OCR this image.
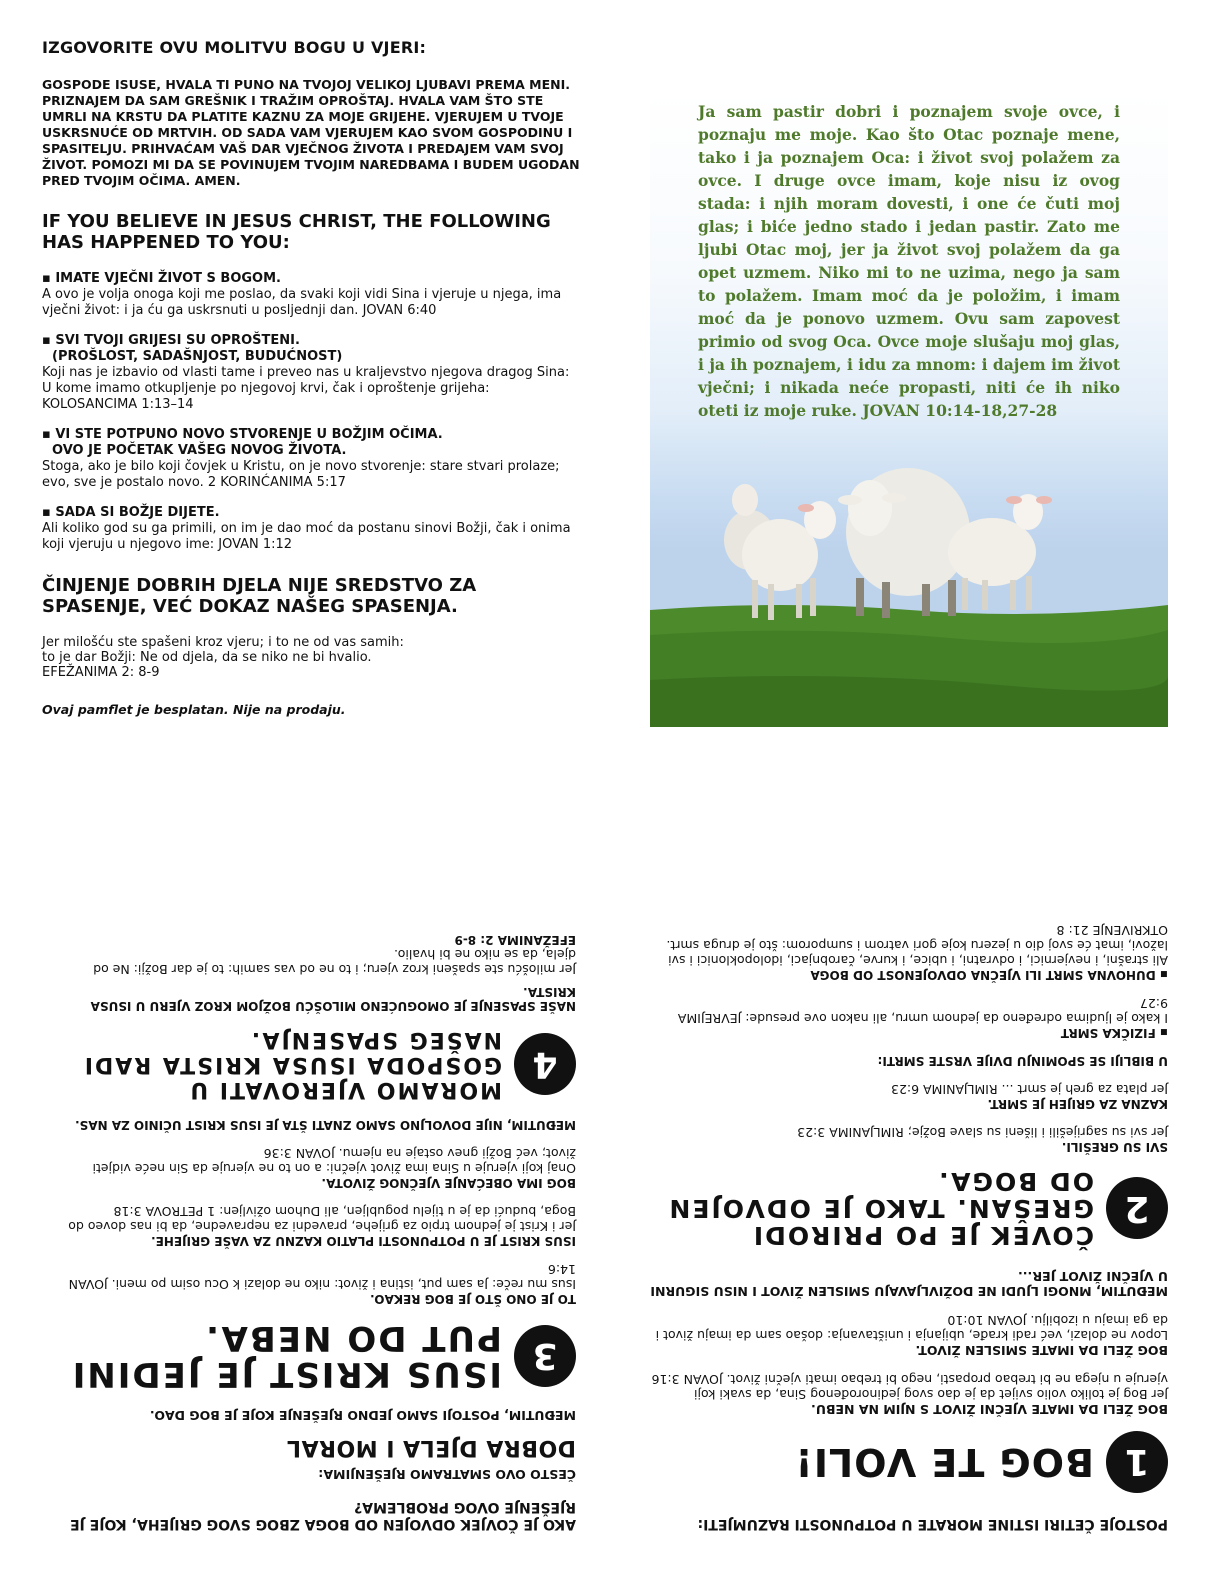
IZGOVORITE OVU MOLITVU BOGU U VJERI:

GOSPODE ISUSE, HVALA TI PUNO NA TVOJOJ VELIKOJ LJUBAVI PREMA MENI. PRIZNAJEM DA SAM GREŠNIK I TRAŽIM OPROŠTAJ. HVALA VAM ŠTO STE UMRLI NA KRSTU DA PLATITE KAZNU ZA MOJE GRIJEHE. VJERUJEM U TVOJE USKRSNUĆE OD MRTVIH. OD SADA VAM VJERUJEM KAO SVOM GOSPODINU I SPASITELJU. PRIHVAĆAM VAŠ DAR VJEČNOG ŽIVOTA I PREDAJEM VAM SVOJ ŽIVOT. POMOZI MI DA SE POVINUJEM TVOJIM NAREDBAMA I BUDEM UGODAN PRED TVOJIM OČIMA. AMEN.

IF YOU BELIEVE IN JESUS CHRIST, THE FOLLOWING HAS HAPPENED TO YOU:
▪ IMATE VJEČNI ŽIVOT S BOGOM.
A ovo je volja onoga koji me poslao, da svaki koji vidi Sina i vjeruje u njega, ima vječni život: i ja ću ga uskrsnuti u posljednji dan. JOVAN 6:40
▪ SVI TVOJI GRIJESI SU OPROŠTENI.
(PROŠLOST, SADAŠNJOST, BUDUĆNOST)
Koji nas je izbavio od vlasti tame i preveo nas u kraljevstvo njegova dragog Sina: U kome imamo otkupljenje po njegovoj krvi, čak i oproštenje grijeha: KOLOSANCIMA 1:13–14
▪ VI STE POTPUNO NOVO STVORENJE U BOŽJIM OČIMA.
OVO JE POČETAK VAŠEG NOVOG ŽIVOTA.
Stoga, ako je bilo koji čovjek u Kristu, on je novo stvorenje: stare stvari prolaze; evo, sve je postalo novo. 2 KORINĆANIMA 5:17
▪ SADA SI BOŽJE DIJETE.
Ali koliko god su ga primili, on im je dao moć da postanu sinovi Božji, čak i onima koji vjeruju u njegovo ime: JOVAN 1:12
ČINJENJE DOBRIH DJELA NIJE SREDSTVO ZA SPASENJE, VEĆ DOKAZ NAŠEG SPASENJA.
Jer milošću ste spašeni kroz vjeru; i to ne od vas samih:
to je dar Božji: Ne od djela, da se niko ne bi hvalio.
EFEŽANIMA 2: 8-9
Ovaj pamflet je besplatan. Nije na prodaju.

Ja sam pastir dobri i poznajem svoje ovce, i poznaju me moje. Kao što Otac poznaje mene, tako i ja poznajem Oca: i život svoj polažem za ovce. I druge ovce imam, koje nisu iz ovog stada: i njih moram dovesti, i one će čuti moj glas; i biće jedno stado i jedan pastir. Zato me ljubi Otac moj, jer ja život svoj polažem da ga opet uzmem. Niko mi to ne uzima, nego ja sam to polažem. Imam moć da je položim, i imam moć da je ponovo uzmem. Ovu sam zapovest primio od svog Oca. Ovce moje slušaju moj glas, i ja ih poznajem, i idu za mnom: i dajem im život vječni; i nikada neće propasti, niti će ih niko oteti iz moje ruke. JOVAN 10:14-18,27-28

POSTOJE ČETIRI ISTINE MORATE U POTPUNOSTI RAZUMJETI:
1
BOG TE VOLI!

BOG ŽELI DA IMATE VJEČNI ŽIVOT S NJIM NA NEBU.

Jer Bog je toliko volio svijet da je dao svog jedinorođenog Sina, da svaki koji vjeruje u njega ne bi trebao propasti, nego bi trebao imati vječni život. JOVAN 3:16

BOG ŽELI DA IMATE SMISLEN ŽIVOT.

Lopov ne dolazi, već radi krađe, ubijanja i uništavanja: došao sam da imaju život i da ga imaju u izobilju. JOVAN 10:10

MEĐUTIM, MNOGI LJUDI NE DOŽIVLJAVAJU SMISLEN ŽIVOT I NISU SIGURNI U VJEČNI ŽIVOT JER...

2
ČOVEK JE PO PRIRODI GREŠAN. TAKO JE ODVOJEN OD BOGA.

SVI SU GREŠILI.

Jer svi su sagriješili i lišeni su slave Božje; RIMLJANIMA 3:23

KAZNA ZA GRIJEH JE SMRT.

Jer plata za greh je smrt ... RIMLJANIMA 6:23

U BIBLIJI SE SPOMINJU DVIJE VRSTE SMRTI:

▪ FIZIČKA SMRT

I kako je ljudima određeno da jednom umru, ali nakon ove presude: JEVREJIMA 9:27

▪ DUHOVNA SMRT ILI VJEČNA ODVOJENOST OD BOGA

Ali strašni, i nevjernici, i odvratni, i ubice, i kurve, čarobnjaci, idolopoklonici i svi lažovi, imat će svoj dio u jezeru koje gori vatrom i sumporom: što je druga smrt. OTKRIVENJE 21: 8

AKO JE ČOVJEK ODVOJEN OD BOGA ZBOG SVOG GRIJEHA, KOJE JE RJEŠENJE OVOG PROBLEMA?

ČESTO OVO SMATRAMO RJEŠENJIMA:

DOBRA DJELA I MORAL

MEĐUTIM, POSTOJI SAMO JEDNO RJEŠENJE KOJE JE BOG DAO.

3
ISUS KRIST JE JEDINI PUT DO NEBA.

TO JE ONO ŠTO JE BOG REKAO.

Isus mu reče: Ja sam put, istina i život: niko ne dolazi k Ocu osim po meni. JOVAN 14:6

ISUS KRIST JE U POTPUNOSTI PLATIO KAZNU ZA VAŠE GRIJEHE.

Jer i Krist je jednom trpio za grijehe, pravedni za nepravedne, da bi nas doveo do Boga, budući da je u tijelu pogubljen, ali Duhom oživljen: 1 PETROVA 3:18

BOG IMA OBEĆANJE VJEČNOG ŽIVOTA.

Onaj koji vjeruje u Sina ima život vječni: a on to ne vjeruje da Sin neće vidjeti život; već Božji gnev ostaje na njemu. JOVAN 3:36

MEĐUTIM, NIJE DOVOLJNO SAMO ZNATI ŠTA JE ISUS KRIST UČINIO ZA NAS.

4
MORAMO VJEROVATI U GOSPODA ISUSA KRISTA RADI NAŠEG SPASENJA.

NAŠE SPASENJE JE OMOGUĆENO MILOŠĆU BOŽJOM KROZ VJERU U ISUSA KRISTA.

Jer milošću ste spašeni kroz vjeru; i to ne od vas samih: to je dar Božji: Ne od djela, da se niko ne bi hvalio.

EFEŽANIMA 2: 8-9
